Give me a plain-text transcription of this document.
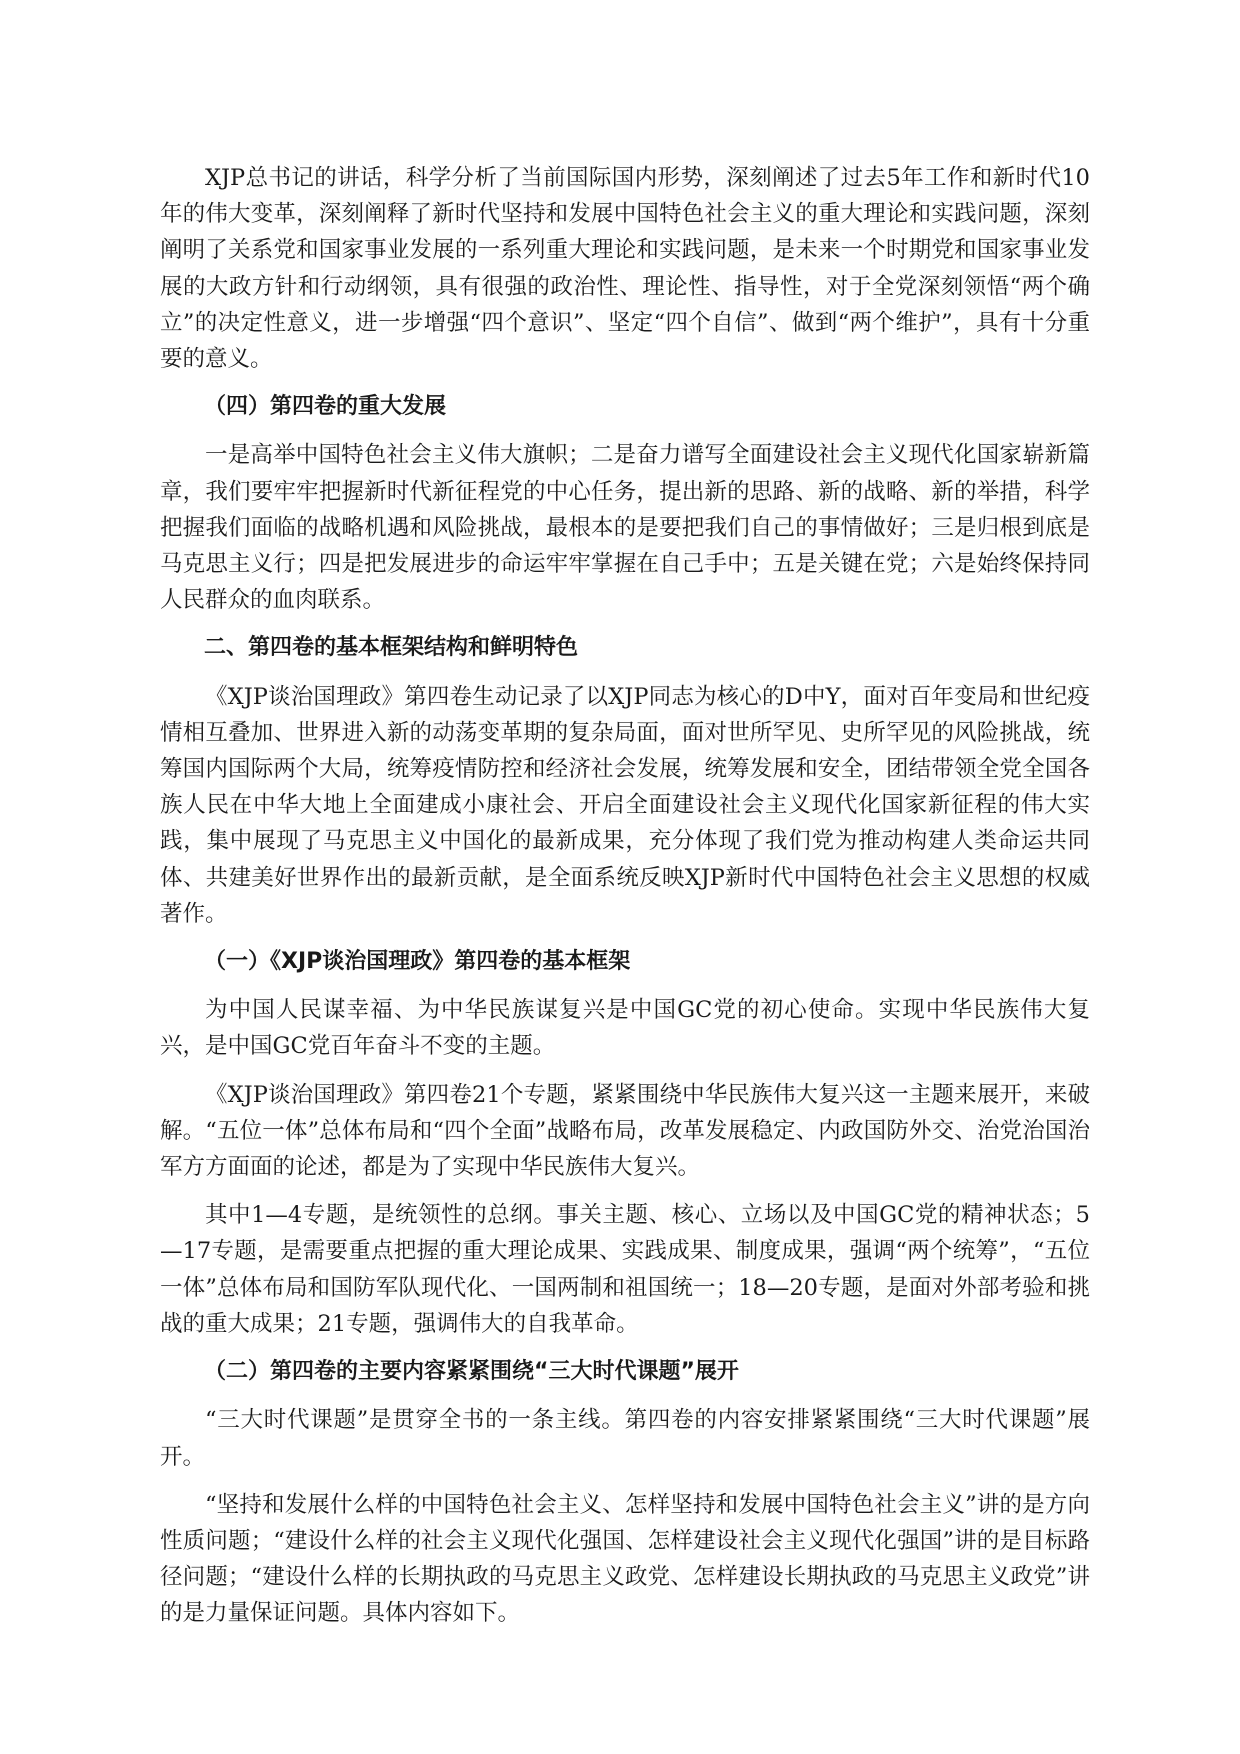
XJP总书记的讲话，科学分析了当前国际国内形势，深刻阐述了过去5年工作和新时代10年的伟大变革，深刻阐释了新时代坚持和发展中国特色社会主义的重大理论和实践问题，深刻阐明了关系党和国家事业发展的一系列重大理论和实践问题，是未来一个时期党和国家事业发展的大政方针和行动纲领，具有很强的政治性、理论性、指导性，对于全党深刻领悟“两个确立”的决定性意义，进一步增强“四个意识”、坚定“四个自信”、做到“两个维护”，具有十分重要的意义。

（四）第四卷的重大发展

一是高举中国特色社会主义伟大旗帜；二是奋力谱写全面建设社会主义现代化国家崭新篇章，我们要牢牢把握新时代新征程党的中心任务，提出新的思路、新的战略、新的举措，科学把握我们面临的战略机遇和风险挑战，最根本的是要把我们自己的事情做好；三是归根到底是马克思主义行；四是把发展进步的命运牢牢掌握在自己手中；五是关键在党；六是始终保持同人民群众的血肉联系。

二、第四卷的基本框架结构和鲜明特色

《XJP谈治国理政》第四卷生动记录了以XJP同志为核心的D中Y，面对百年变局和世纪疫情相互叠加、世界进入新的动荡变革期的复杂局面，面对世所罕见、史所罕见的风险挑战，统筹国内国际两个大局，统筹疫情防控和经济社会发展，统筹发展和安全，团结带领全党全国各族人民在中华大地上全面建成小康社会、开启全面建设社会主义现代化国家新征程的伟大实践，集中展现了马克思主义中国化的最新成果，充分体现了我们党为推动构建人类命运共同体、共建美好世界作出的最新贡献，是全面系统反映XJP新时代中国特色社会主义思想的权威著作。

（一）《XJP谈治国理政》第四卷的基本框架

为中国人民谋幸福、为中华民族谋复兴是中国GC党的初心使命。实现中华民族伟大复兴，是中国GC党百年奋斗不变的主题。

《XJP谈治国理政》第四卷21个专题，紧紧围绕中华民族伟大复兴这一主题来展开，来破解。“五位一体”总体布局和“四个全面”战略布局，改革发展稳定、内政国防外交、治党治国治军方方面面的论述，都是为了实现中华民族伟大复兴。

其中1—4专题，是统领性的总纲。事关主题、核心、立场以及中国GC党的精神状态；5—17专题，是需要重点把握的重大理论成果、实践成果、制度成果，强调“两个统筹”，“五位一体”总体布局和国防军队现代化、一国两制和祖国统一；18—20专题，是面对外部考验和挑战的重大成果；21专题，强调伟大的自我革命。

（二）第四卷的主要内容紧紧围绕“三大时代课题”展开

“三大时代课题”是贯穿全书的一条主线。第四卷的内容安排紧紧围绕“三大时代课题”展开。

“坚持和发展什么样的中国特色社会主义、怎样坚持和发展中国特色社会主义”讲的是方向性质问题；“建设什么样的社会主义现代化强国、怎样建设社会主义现代化强国”讲的是目标路径问题；“建设什么样的长期执政的马克思主义政党、怎样建设长期执政的马克思主义政党”讲的是力量保证问题。具体内容如下。
